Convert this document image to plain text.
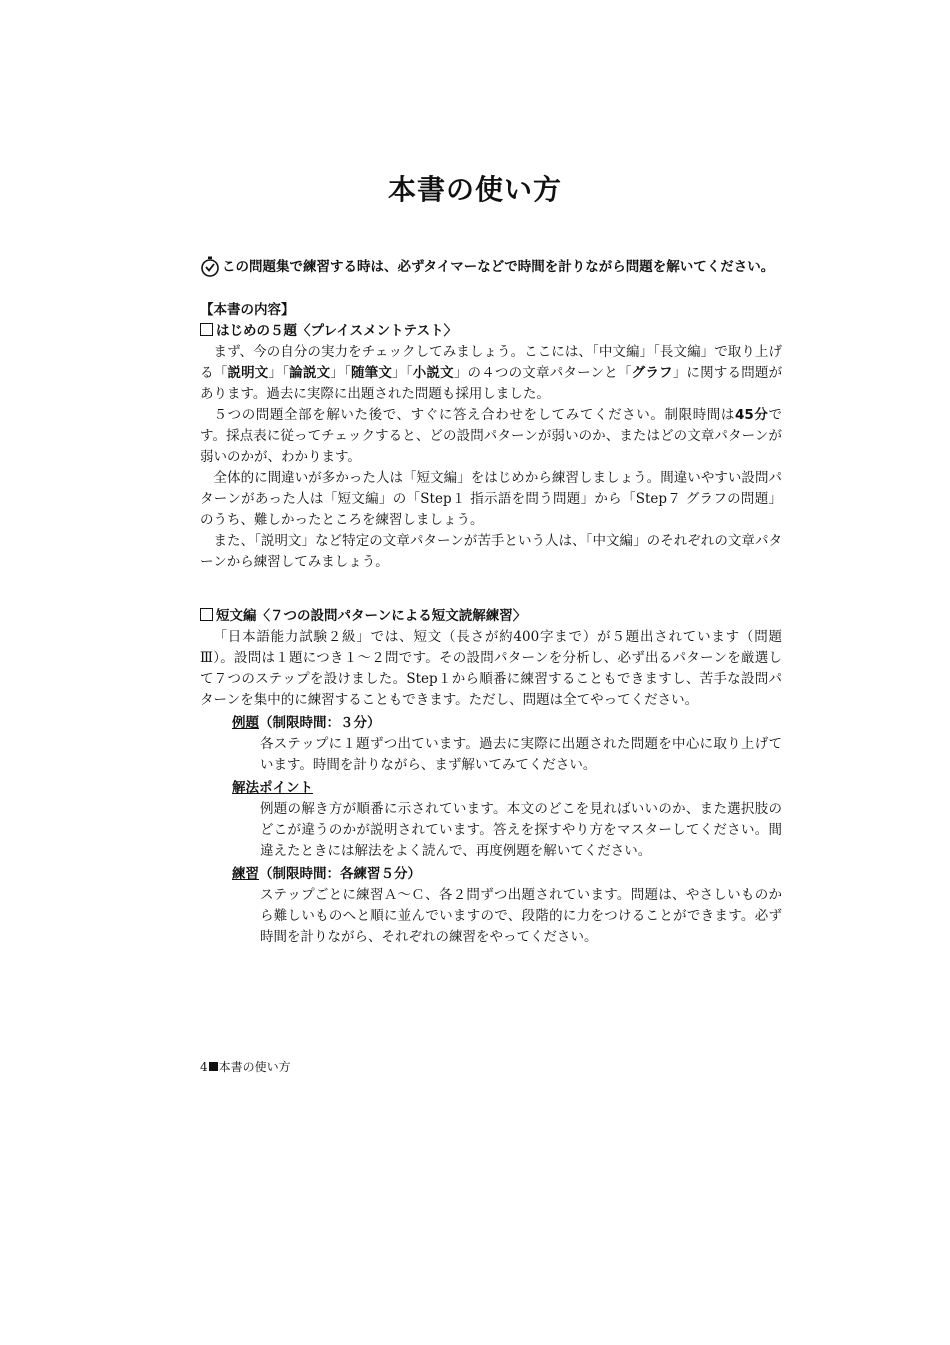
本書の使い方
この問題集で練習する時は、必ずタイマーなどで時間を計りながら問題を解いてください。
【本書の内容】
はじめの５題〈プレイスメントテスト〉

まず、今の自分の実力をチェックしてみましょう。ここには、「中文編」「長文編」で取り上げる「説明文」「論説文」「随筆文」「小説文」の４つの文章パターンと「グラフ」に関する問題があります。過去に実際に出題された問題も採用しました。

５つの問題全部を解いた後で、すぐに答え合わせをしてみてください。制限時間は45分です。採点表に従ってチェックすると、どの設問パターンが弱いのか、またはどの文章パターンが弱いのかが、わかります。

全体的に間違いが多かった人は「短文編」をはじめから練習しましょう。間違いやすい設問パターンがあった人は「短文編」の「Step１ 指示語を問う問題」から「Step７ グラフの問題」のうち、難しかったところを練習しましょう。

また、「説明文」など特定の文章パターンが苦手という人は、「中文編」のそれぞれの文章パターンから練習してみましょう。

短文編〈７つの設問パターンによる短文読解練習〉

「日本語能力試験２級」では、短文（長さが約400字まで）が５題出されています（問題Ⅲ）。設問は１題につき１～２問です。その設問パターンを分析し、必ず出るパターンを厳選して７つのステップを設けました。Step１から順番に練習することもできますし、苦手な設問パターンを集中的に練習することもできます。ただし、問題は全てやってください。

例題（制限時間：３分）

各ステップに１題ずつ出ています。過去に実際に出題された問題を中心に取り上げています。時間を計りながら、まず解いてみてください。

解法ポイント

例題の解き方が順番に示されています。本文のどこを見ればいいのか、また選択肢のどこが違うのかが説明されています。答えを探すやり方をマスターしてください。間違えたときには解法をよく読んで、再度例題を解いてください。

練習（制限時間：各練習５分）

ステップごとに練習Ａ～Ｃ、各２問ずつ出題されています。問題は、やさしいものから難しいものへと順に並んでいますので、段階的に力をつけることができます。必ず時間を計りながら、それぞれの練習をやってください。

4 本書の使い方
